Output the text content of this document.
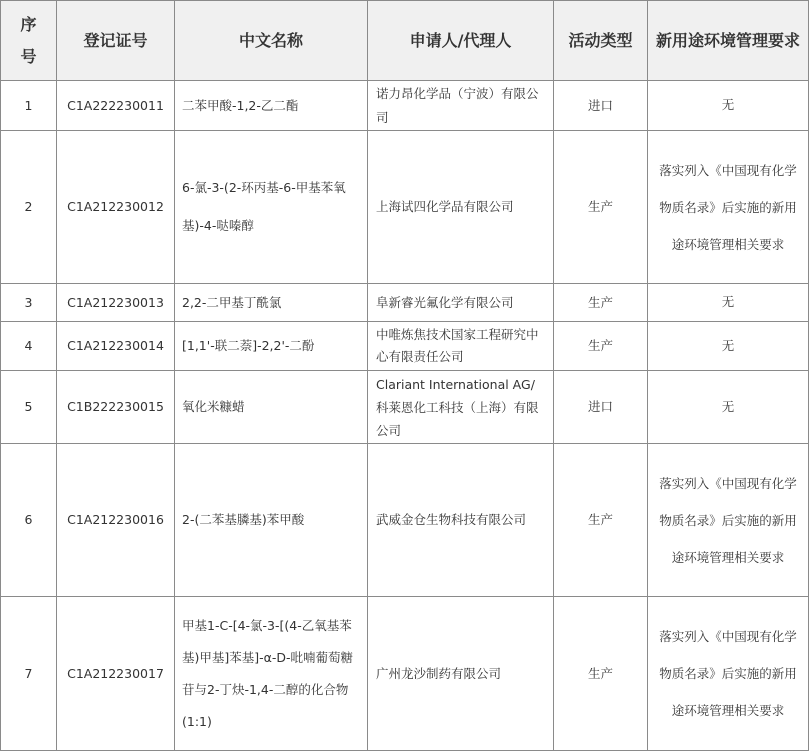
序号	登记证号	中文名称	申请人/代理人	活动类型	新用途环境管理要求
1	C1A222230011	二苯甲酸-1,2-乙二酯	诺力昂化学品（宁波）有限公司	进口	无
2	C1A212230012	6-氯-3-(2-环丙基-6-甲基苯氧基)-4-哒嗪醇	上海试四化学品有限公司	生产	落实列入《中国现有化学物质名录》后实施的新用途环境管理相关要求
3	C1A212230013	2,2-二甲基丁酰氯	阜新睿光氟化学有限公司	生产	无
4	C1A212230014	[1,1'-联二萘]-2,2'-二酚	中唯炼焦技术国家工程研究中心有限责任公司	生产	无
5	C1B222230015	氧化米糠蜡	Clariant International AG/科莱恩化工科技（上海）有限公司	进口	无
6	C1A212230016	2-(二苯基膦基)苯甲酸	武威金仓生物科技有限公司	生产	落实列入《中国现有化学物质名录》后实施的新用途环境管理相关要求
7	C1A212230017	甲基1-C-[4-氯-3-[(4-乙氧基苯基)甲基]苯基]-α-D-吡喃葡萄糖苷与2-丁炔-1,4-二醇的化合物(1:1)	广州龙沙制药有限公司	生产	落实列入《中国现有化学物质名录》后实施的新用途环境管理相关要求
